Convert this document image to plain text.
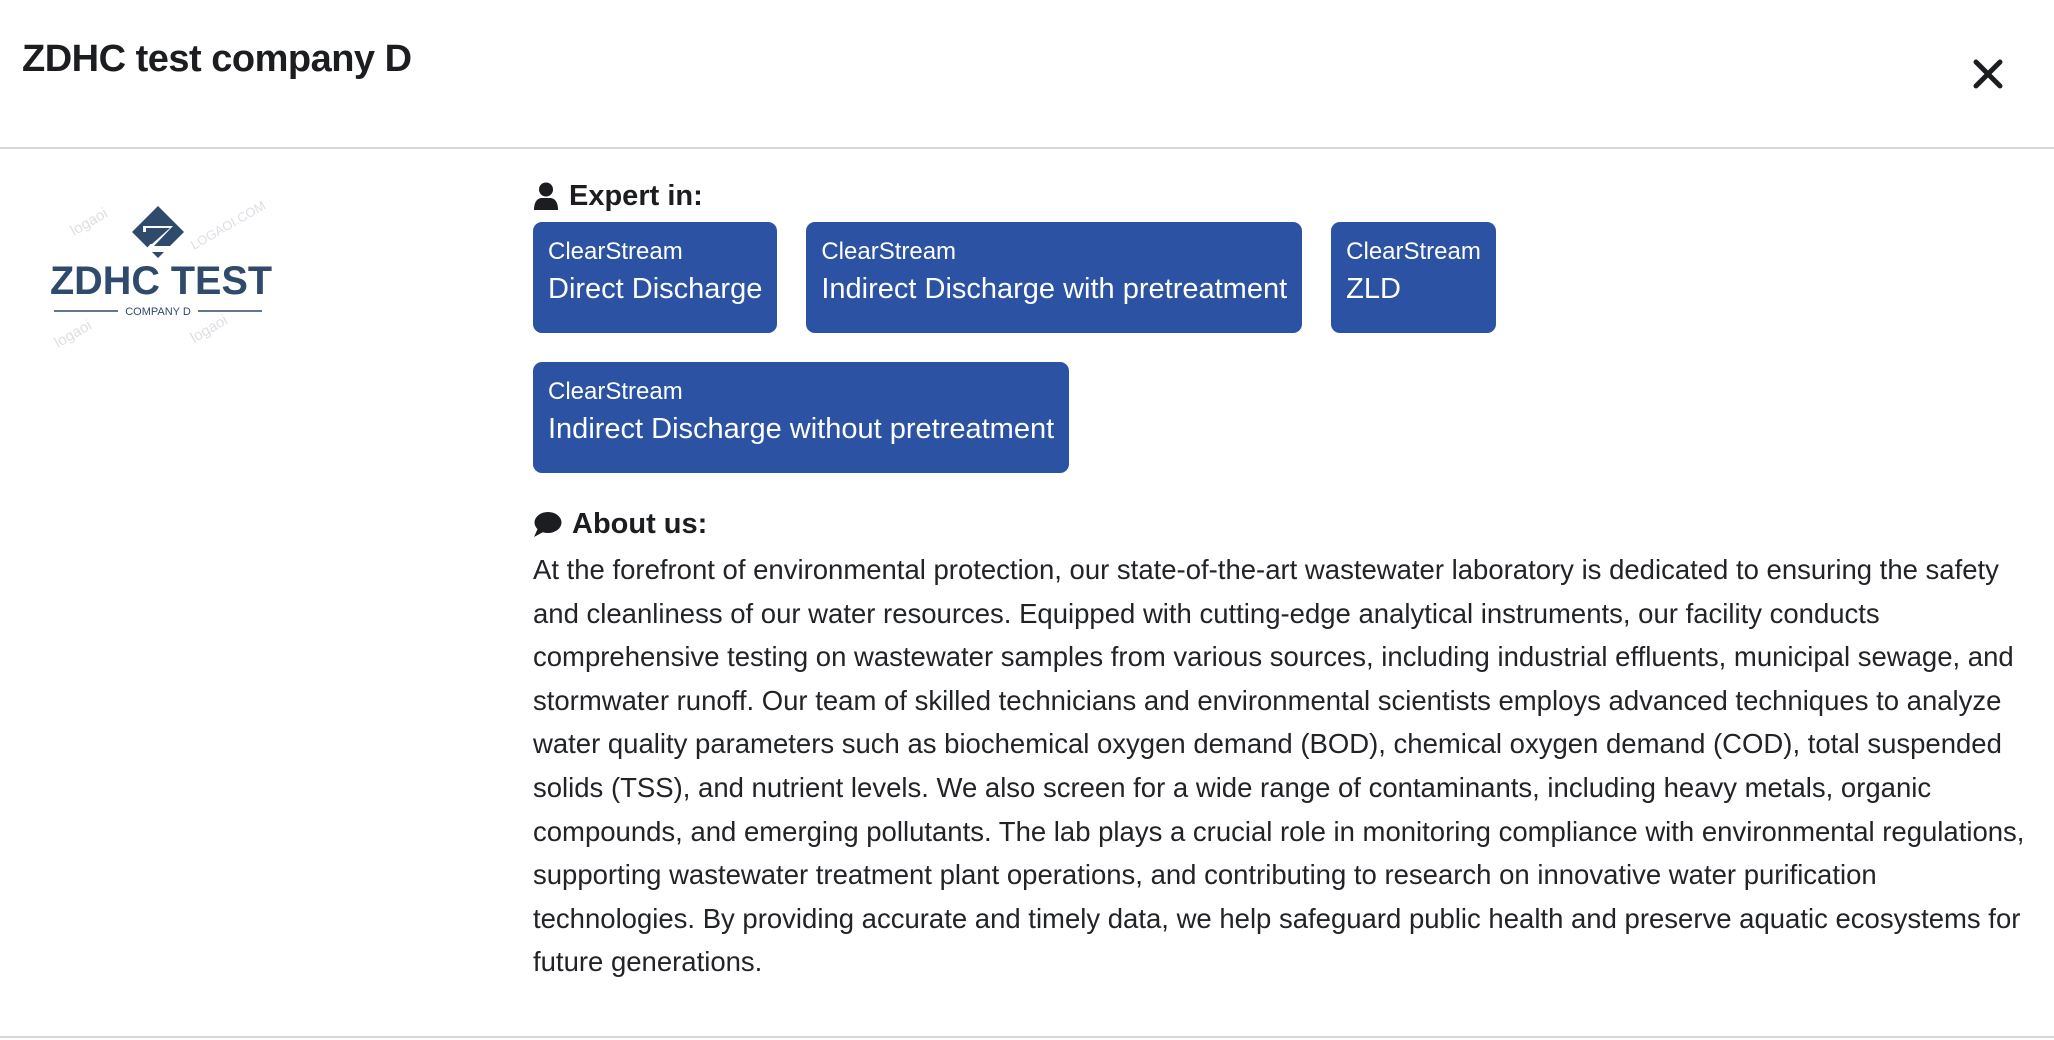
ZDHC test company D
logaoi	LOGAOI.COM
logaoi	logaoi
ZDHC TEST
COMPANY D
Expert in:
ClearStream
Direct Discharge
ClearStream
Indirect Discharge with pretreatment
ClearStream
ZLD
ClearStream
Indirect Discharge without pretreatment
About us:
At the forefront of environmental protection, our state-of-the-art wastewater laboratory is dedicated to ensuring the safety and cleanliness of our water resources. Equipped with cutting-edge analytical instruments, our facility conducts comprehensive testing on wastewater samples from various sources, including industrial effluents, municipal sewage, and stormwater runoff. Our team of skilled technicians and environmental scientists employs advanced techniques to analyze water quality parameters such as biochemical oxygen demand (BOD), chemical oxygen demand (COD), total suspended solids (TSS), and nutrient levels. We also screen for a wide range of contaminants, including heavy metals, organic compounds, and emerging pollutants. The lab plays a crucial role in monitoring compliance with environmental regulations, supporting wastewater treatment plant operations, and contributing to research on innovative water purification technologies. By providing accurate and timely data, we help safeguard public health and preserve aquatic ecosystems for future generations.
